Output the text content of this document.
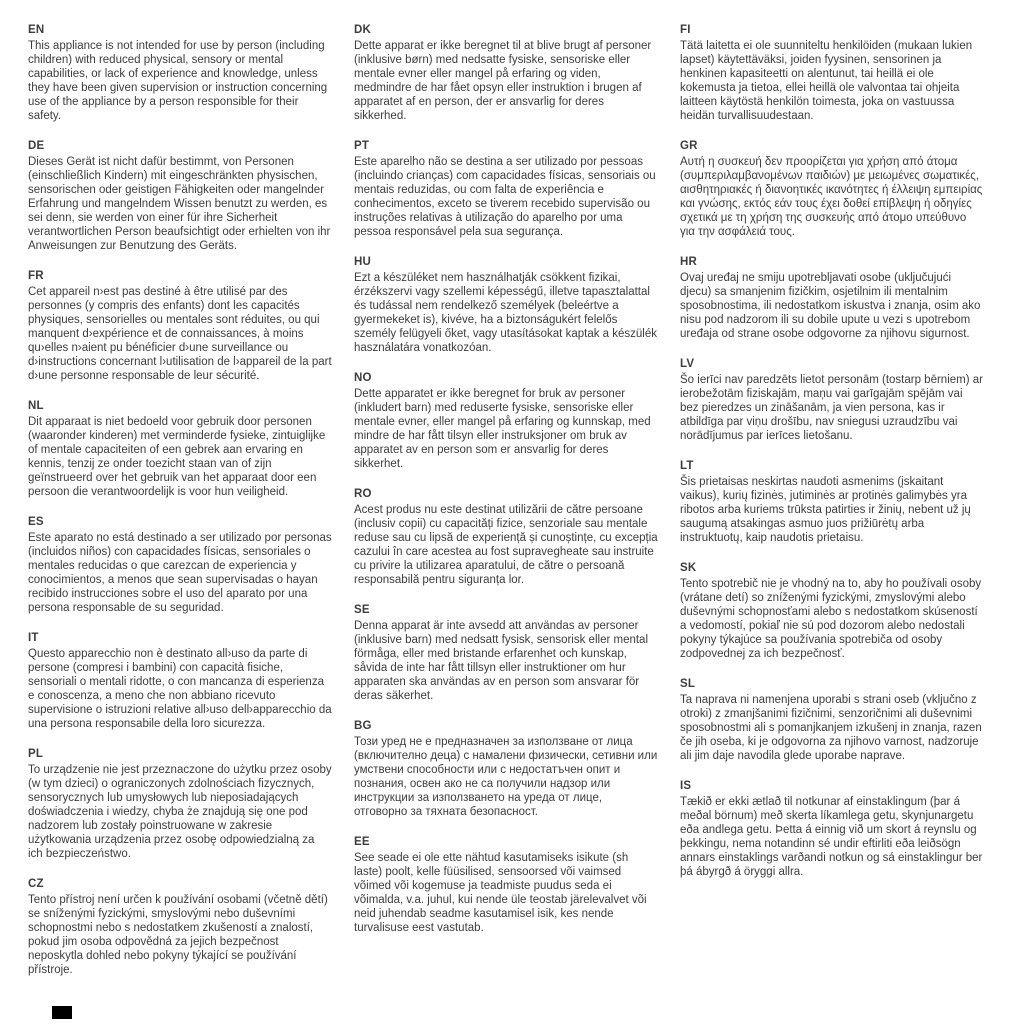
EN

This appliance is not intended for use by person (including children) with reduced physical, sensory or mental capabilities, or lack of experience and knowledge, unless they have been given supervision or instruction concerning use of the appliance by a person responsible for their safety.

DE

Dieses Gerät ist nicht dafür bestimmt, von Personen (einschließlich Kindern) mit eingeschränkten physischen, sensorischen oder geistigen Fähigkeiten oder mangelnder Erfahrung und mangelndem Wissen benutzt zu werden, es sei denn, sie werden von einer für ihre Sicherheit verantwortlichen Person beaufsichtigt oder erhielten von ihr Anweisungen zur Benutzung des Geräts.

FR

Cet appareil n›est pas destiné à être utilisé par des personnes (y compris des enfants) dont les capacités physiques, sensorielles ou mentales sont réduites, ou qui manquent d›expérience et de connaissances, à moins qu›elles n›aient pu bénéficier d›une surveillance ou d›instructions concernant l›utilisation de l›appareil de la part d›une personne responsable de leur sécurité.

NL

Dit apparaat is niet bedoeld voor gebruik door personen (waaronder kinderen) met verminderde fysieke, zintuiglijke of mentale capaciteiten of een gebrek aan ervaring en kennis, tenzij ze onder toezicht staan van of zijn geïnstrueerd over het gebruik van het apparaat door een persoon die verantwoordelijk is voor hun veiligheid.

ES

Este aparato no está destinado a ser utilizado por personas (incluidos niños) con capacidades físicas, sensoriales o mentales reducidas o que carezcan de experiencia y conocimientos, a menos que sean supervisadas o hayan recibido instrucciones sobre el uso del aparato por una persona responsable de su seguridad.

IT

Questo apparecchio non è destinato all›uso da parte di persone (compresi i bambini) con capacità fisiche, sensoriali o mentali ridotte, o con mancanza di esperienza e conoscenza, a meno che non abbiano ricevuto supervisione o istruzioni relative all›uso dell›apparecchio da una persona responsabile della loro sicurezza.

PL

To urządzenie nie jest przeznaczone do użytku przez osoby (w tym dzieci) o ograniczonych zdolnościach fizycznych, sensorycznych lub umysłowych lub nieposiadających doświadczenia i wiedzy, chyba że znajdują się one pod nadzorem lub zostały poinstruowane w zakresie użytkowania urządzenia przez osobę odpowiedzialną za ich bezpieczeństwo.

CZ

Tento přístroj není určen k používání osobami (včetně dětí) se sníženými fyzickými, smyslovými nebo duševními schopnostmi nebo s nedostatkem zkušeností a znalostí, pokud jim osoba odpovědná za jejich bezpečnost neposkytla dohled nebo pokyny týkající se používání přístroje.

DK

Dette apparat er ikke beregnet til at blive brugt af personer (inklusive børn) med nedsatte fysiske, sensoriske eller mentale evner eller mangel på erfaring og viden, medmindre de har fået opsyn eller instruktion i brugen af apparatet af en person, der er ansvarlig for deres sikkerhed.

PT

Este aparelho não se destina a ser utilizado por pessoas (incluindo crianças) com capacidades físicas, sensoriais ou mentais reduzidas, ou com falta de experiência e conhecimentos, exceto se tiverem recebido supervisão ou instruções relativas à utilização do aparelho por uma pessoa responsável pela sua segurança.

HU

Ezt a készüléket nem használhatják csökkent fizikai, érzékszervi vagy szellemi képességű, illetve tapasztalattal és tudással nem rendelkező személyek (beleértve a gyermekeket is), kivéve, ha a biztonságukért felelős személy felügyeli őket, vagy utasításokat kaptak a készülék használatára vonatkozóan.

NO

Dette apparatet er ikke beregnet for bruk av personer (inkludert barn) med reduserte fysiske, sensoriske eller mentale evner, eller mangel på erfaring og kunnskap, med mindre de har fått tilsyn eller instruksjoner om bruk av apparatet av en person som er ansvarlig for deres sikkerhet.

RO

Acest produs nu este destinat utilizării de către persoane (inclusiv copii) cu capacități fizice, senzoriale sau mentale reduse sau cu lipsă de experiență și cunoștințe, cu excepția cazului în care acestea au fost supravegheate sau instruite cu privire la utilizarea aparatului, de către o persoană responsabilă pentru siguranța lor.

SE

Denna apparat är inte avsedd att användas av personer (inklusive barn) med nedsatt fysisk, sensorisk eller mental förmåga, eller med bristande erfarenhet och kunskap, såvida de inte har fått tillsyn eller instruktioner om hur apparaten ska användas av en person som ansvarar för deras säkerhet.

BG

Този уред не е предназначен за използване от лица (включително деца) с намалени физически, сетивни или умствени способности или с недостатъчен опит и познания, освен ако не са получили надзор или инструкции за използването на уреда от лице, отговорно за тяхната безопасност.

EE

See seade ei ole ette nähtud kasutamiseks isikute (sh laste) poolt, kelle füüsilised, sensoorsed või vaimsed võimed või kogemuse ja teadmiste puudus seda ei võimalda, v.a. juhul, kui nende üle teostab järelevalvet või neid juhendab seadme kasutamisel isik, kes nende turvalisuse eest vastutab.

FI

Tätä laitetta ei ole suunniteltu henkilöiden (mukaan lukien lapset) käytettäväksi, joiden fyysinen, sensorinen ja henkinen kapasiteetti on alentunut, tai heillä ei ole kokemusta ja tietoa, ellei heillä ole valvontaa tai ohjeita laitteen käytöstä henkilön toimesta, joka on vastuussa heidän turvallisuudestaan.

GR

Αυτή η συσκευή δεν προορίζεται για χρήση από άτομα (συμπεριλαμβανομένων παιδιών) με μειωμένες σωματικές, αισθητηριακές ή διανοητικές ικανότητες ή έλλειψη εμπειρίας και γνώσης, εκτός εάν τους έχει δοθεί επίβλεψη ή οδηγίες σχετικά με τη χρήση της συσκευής από άτομο υπεύθυνο για την ασφάλειά τους.

HR

Ovaj uređaj ne smiju upotrebljavati osobe (uključujući djecu) sa smanjenim fizičkim, osjetilnim ili mentalnim sposobnostima, ili nedostatkom iskustva i znanja, osim ako nisu pod nadzorom ili su dobile upute u vezi s upotrebom uređaja od strane osobe odgovorne za njihovu sigurnost.

LV

Šo ierīci nav paredzēts lietot personām (tostarp bērniem) ar ierobežotām fiziskajām, maņu vai garīgajām spējām vai bez pieredzes un zināšanām, ja vien persona, kas ir atbildīga par viņu drošību, nav sniegusi uzraudzību vai norādījumus par ierīces lietošanu.

LT

Šis prietaisas neskirtas naudoti asmenims (įskaitant vaikus), kurių fizinės, jutiminės ar protinės galimybės yra ribotos arba kuriems trūksta patirties ir žinių, nebent už jų saugumą atsakingas asmuo juos prižiūrėtų arba instruktuotų, kaip naudotis prietaisu.

SK

Tento spotrebič nie je vhodný na to, aby ho používali osoby (vrátane detí) so zníženými fyzickými, zmyslovými alebo duševnými schopnosťami alebo s nedostatkom skúseností a vedomostí, pokiaľ nie sú pod dozorom alebo nedostali pokyny týkajúce sa používania spotrebiča od osoby zodpovednej za ich bezpečnosť.

SL

Ta naprava ni namenjena uporabi s strani oseb (vključno z otroki) z zmanjšanimi fizičnimi, senzoričnimi ali duševnimi sposobnostmi ali s pomanjkanjem izkušenj in znanja, razen če jih oseba, ki je odgovorna za njihovo varnost, nadzoruje ali jim daje navodila glede uporabe naprave.

IS

Tækið er ekki ætlað til notkunar af einstaklingum (þar á meðal börnum) með skerta líkamlega getu, skynjunargetu eða andlega getu. Þetta á einnig við um skort á reynslu og þekkingu, nema notandinn sé undir eftirliti eða leiðsögn annars einstaklings varðandi notkun og sá einstaklingur ber þá ábyrgð á öryggi allra.
